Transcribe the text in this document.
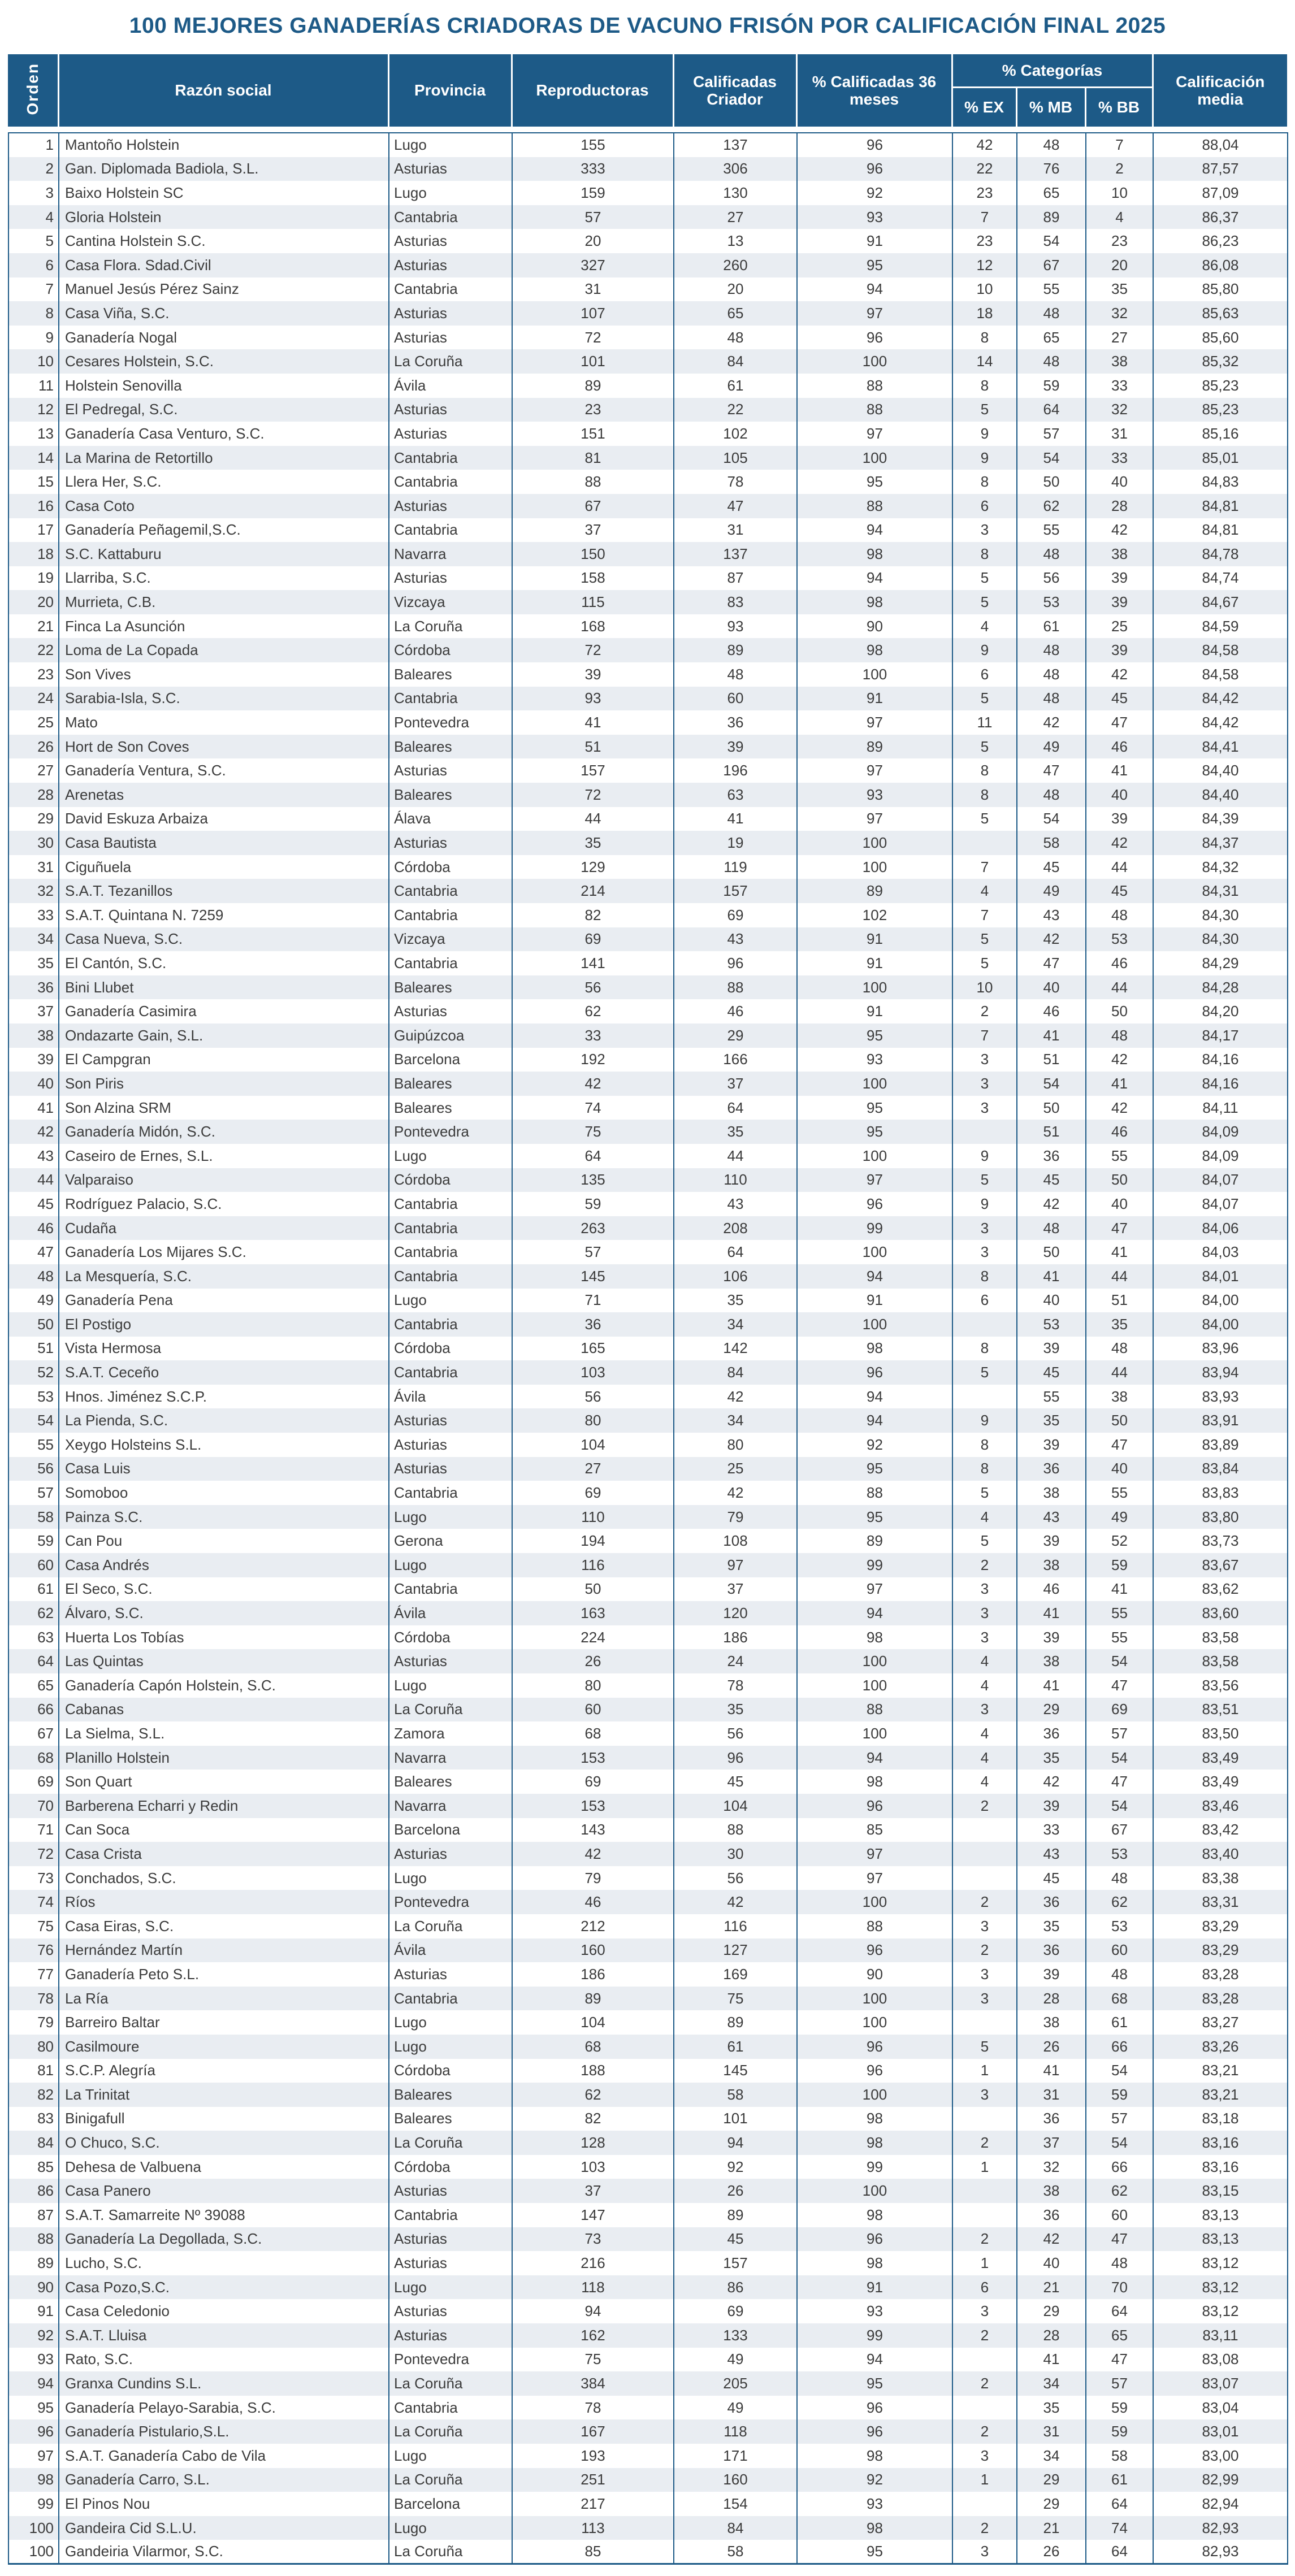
100 MEJORES GANADERÍAS CRIADORAS DE VACUNO FRISÓN POR CALIFICACIÓN FINAL 2025
Orden	Razón social	Provincia	Reproductoras	Calificadas Criador	% Calificadas 36 meses	% Categorías			Calificación media
						% EX	% MB	% BB	
1	Mantoño Holstein	Lugo	155	137	96	42	48	7	88,04
2	Gan. Diplomada Badiola, S.L.	Asturias	333	306	96	22	76	2	87,57
3	Baixo Holstein SC	Lugo	159	130	92	23	65	10	87,09
4	Gloria Holstein	Cantabria	57	27	93	7	89	4	86,37
5	Cantina Holstein S.C.	Asturias	20	13	91	23	54	23	86,23
6	Casa Flora. Sdad.Civil	Asturias	327	260	95	12	67	20	86,08
7	Manuel Jesús Pérez Sainz	Cantabria	31	20	94	10	55	35	85,80
8	Casa Viña, S.C.	Asturias	107	65	97	18	48	32	85,63
9	Ganadería Nogal	Asturias	72	48	96	8	65	27	85,60
10	Cesares Holstein, S.C.	La Coruña	101	84	100	14	48	38	85,32
11	Holstein Senovilla	Ávila	89	61	88	8	59	33	85,23
12	El Pedregal, S.C.	Asturias	23	22	88	5	64	32	85,23
13	Ganadería Casa Venturo, S.C.	Asturias	151	102	97	9	57	31	85,16
14	La Marina de Retortillo	Cantabria	81	105	100	9	54	33	85,01
15	Llera Her, S.C.	Cantabria	88	78	95	8	50	40	84,83
16	Casa Coto	Asturias	67	47	88	6	62	28	84,81
17	Ganadería Peñagemil,S.C.	Cantabria	37	31	94	3	55	42	84,81
18	S.C. Kattaburu	Navarra	150	137	98	8	48	38	84,78
19	Llarriba, S.C.	Asturias	158	87	94	5	56	39	84,74
20	Murrieta, C.B.	Vizcaya	115	83	98	5	53	39	84,67
21	Finca La Asunción	La Coruña	168	93	90	4	61	25	84,59
22	Loma de La Copada	Córdoba	72	89	98	9	48	39	84,58
23	Son Vives	Baleares	39	48	100	6	48	42	84,58
24	Sarabia-Isla, S.C.	Cantabria	93	60	91	5	48	45	84,42
25	Mato	Pontevedra	41	36	97	11	42	47	84,42
26	Hort de Son Coves	Baleares	51	39	89	5	49	46	84,41
27	Ganadería Ventura, S.C.	Asturias	157	196	97	8	47	41	84,40
28	Arenetas	Baleares	72	63	93	8	48	40	84,40
29	David Eskuza Arbaiza	Álava	44	41	97	5	54	39	84,39
30	Casa Bautista	Asturias	35	19	100		58	42	84,37
31	Ciguñuela	Córdoba	129	119	100	7	45	44	84,32
32	S.A.T. Tezanillos	Cantabria	214	157	89	4	49	45	84,31
33	S.A.T. Quintana N. 7259	Cantabria	82	69	102	7	43	48	84,30
34	Casa Nueva, S.C.	Vizcaya	69	43	91	5	42	53	84,30
35	El Cantón, S.C.	Cantabria	141	96	91	5	47	46	84,29
36	Bini Llubet	Baleares	56	88	100	10	40	44	84,28
37	Ganadería Casimira	Asturias	62	46	91	2	46	50	84,20
38	Ondazarte Gain, S.L.	Guipúzcoa	33	29	95	7	41	48	84,17
39	El Campgran	Barcelona	192	166	93	3	51	42	84,16
40	Son Piris	Baleares	42	37	100	3	54	41	84,16
41	Son Alzina SRM	Baleares	74	64	95	3	50	42	84,11
42	Ganadería Midón, S.C.	Pontevedra	75	35	95		51	46	84,09
43	Caseiro de Ernes, S.L.	Lugo	64	44	100	9	36	55	84,09
44	Valparaiso	Córdoba	135	110	97	5	45	50	84,07
45	Rodríguez Palacio, S.C.	Cantabria	59	43	96	9	42	40	84,07
46	Cudaña	Cantabria	263	208	99	3	48	47	84,06
47	Ganadería Los Mijares S.C.	Cantabria	57	64	100	3	50	41	84,03
48	La Mesquería, S.C.	Cantabria	145	106	94	8	41	44	84,01
49	Ganadería Pena	Lugo	71	35	91	6	40	51	84,00
50	El Postigo	Cantabria	36	34	100		53	35	84,00
51	Vista Hermosa	Córdoba	165	142	98	8	39	48	83,96
52	S.A.T. Ceceño	Cantabria	103	84	96	5	45	44	83,94
53	Hnos. Jiménez S.C.P.	Ávila	56	42	94		55	38	83,93
54	La Pienda, S.C.	Asturias	80	34	94	9	35	50	83,91
55	Xeygo Holsteins S.L.	Asturias	104	80	92	8	39	47	83,89
56	Casa Luis	Asturias	27	25	95	8	36	40	83,84
57	Somoboo	Cantabria	69	42	88	5	38	55	83,83
58	Painza S.C.	Lugo	110	79	95	4	43	49	83,80
59	Can Pou	Gerona	194	108	89	5	39	52	83,73
60	Casa Andrés	Lugo	116	97	99	2	38	59	83,67
61	El Seco, S.C.	Cantabria	50	37	97	3	46	41	83,62
62	Álvaro, S.C.	Ávila	163	120	94	3	41	55	83,60
63	Huerta Los Tobías	Córdoba	224	186	98	3	39	55	83,58
64	Las Quintas	Asturias	26	24	100	4	38	54	83,58
65	Ganadería Capón Holstein, S.C.	Lugo	80	78	100	4	41	47	83,56
66	Cabanas	La Coruña	60	35	88	3	29	69	83,51
67	La Sielma, S.L.	Zamora	68	56	100	4	36	57	83,50
68	Planillo Holstein	Navarra	153	96	94	4	35	54	83,49
69	Son Quart	Baleares	69	45	98	4	42	47	83,49
70	Barberena Echarri y Redin	Navarra	153	104	96	2	39	54	83,46
71	Can Soca	Barcelona	143	88	85		33	67	83,42
72	Casa Crista	Asturias	42	30	97		43	53	83,40
73	Conchados, S.C.	Lugo	79	56	97		45	48	83,38
74	Ríos	Pontevedra	46	42	100	2	36	62	83,31
75	Casa Eiras, S.C.	La Coruña	212	116	88	3	35	53	83,29
76	Hernández Martín	Ávila	160	127	96	2	36	60	83,29
77	Ganadería Peto S.L.	Asturias	186	169	90	3	39	48	83,28
78	La Ría	Cantabria	89	75	100	3	28	68	83,28
79	Barreiro Baltar	Lugo	104	89	100		38	61	83,27
80	Casilmoure	Lugo	68	61	96	5	26	66	83,26
81	S.C.P. Alegría	Córdoba	188	145	96	1	41	54	83,21
82	La Trinitat	Baleares	62	58	100	3	31	59	83,21
83	Binigafull	Baleares	82	101	98		36	57	83,18
84	O Chuco, S.C.	La Coruña	128	94	98	2	37	54	83,16
85	Dehesa de Valbuena	Córdoba	103	92	99	1	32	66	83,16
86	Casa Panero	Asturias	37	26	100		38	62	83,15
87	S.A.T. Samarreite Nº 39088	Cantabria	147	89	98		36	60	83,13
88	Ganadería La Degollada, S.C.	Asturias	73	45	96	2	42	47	83,13
89	Lucho, S.C.	Asturias	216	157	98	1	40	48	83,12
90	Casa Pozo,S.C.	Lugo	118	86	91	6	21	70	83,12
91	Casa Celedonio	Asturias	94	69	93	3	29	64	83,12
92	S.A.T. Lluisa	Asturias	162	133	99	2	28	65	83,11
93	Rato, S.C.	Pontevedra	75	49	94		41	47	83,08
94	Granxa Cundins S.L.	La Coruña	384	205	95	2	34	57	83,07
95	Ganadería Pelayo-Sarabia, S.C.	Cantabria	78	49	96		35	59	83,04
96	Ganadería Pistulario,S.L.	La Coruña	167	118	96	2	31	59	83,01
97	S.A.T. Ganadería Cabo de Vila	Lugo	193	171	98	3	34	58	83,00
98	Ganadería Carro, S.L.	La Coruña	251	160	92	1	29	61	82,99
99	El Pinos Nou	Barcelona	217	154	93		29	64	82,94
100	Gandeira Cid S.L.U.	Lugo	113	84	98	2	21	74	82,93
100	Gandeiria Vilarmor, S.C.	La Coruña	85	58	95	3	26	64	82,93
